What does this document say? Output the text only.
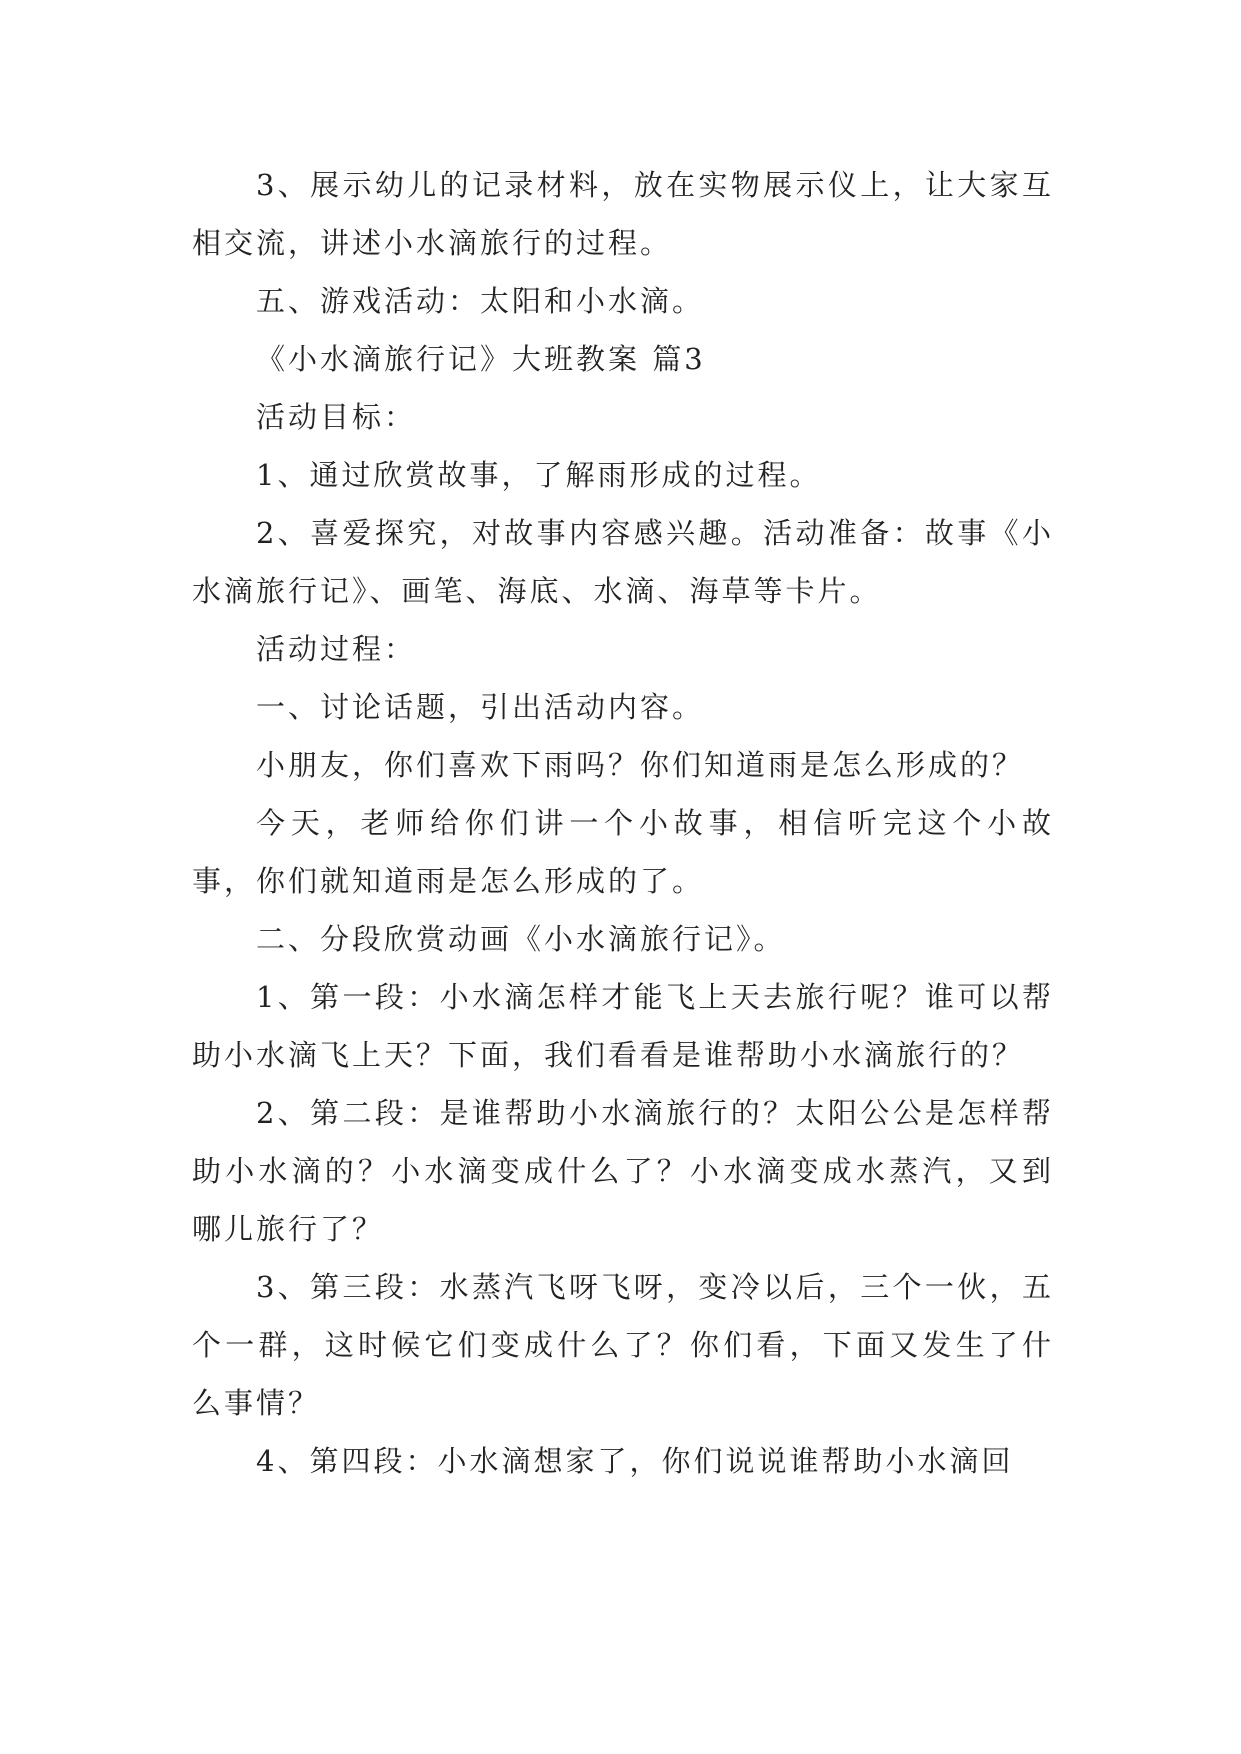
3、展示幼儿的记录材料，放在实物展示仪上，让大家互相交流，讲述小水滴旅行的过程。

五、游戏活动：太阳和小水滴。

《小水滴旅行记》大班教案 篇3

活动目标：

1、通过欣赏故事，了解雨形成的过程。

2、喜爱探究，对故事内容感兴趣。活动准备：故事《小水滴旅行记》、画笔、海底、水滴、海草等卡片。

活动过程：

一、讨论话题，引出活动内容。

小朋友，你们喜欢下雨吗？你们知道雨是怎么形成的？

今天，老师给你们讲一个小故事，相信听完这个小故事，你们就知道雨是怎么形成的了。

二、分段欣赏动画《小水滴旅行记》。

1、第一段：小水滴怎样才能飞上天去旅行呢？谁可以帮助小水滴飞上天？下面，我们看看是谁帮助小水滴旅行的？

2、第二段：是谁帮助小水滴旅行的？太阳公公是怎样帮助小水滴的？小水滴变成什么了？小水滴变成水蒸汽，又到哪儿旅行了？

3、第三段：水蒸汽飞呀飞呀，变冷以后，三个一伙，五个一群，这时候它们变成什么了？你们看，下面又发生了什么事情？

4、第四段：小水滴想家了，你们说说谁帮助小水滴回
